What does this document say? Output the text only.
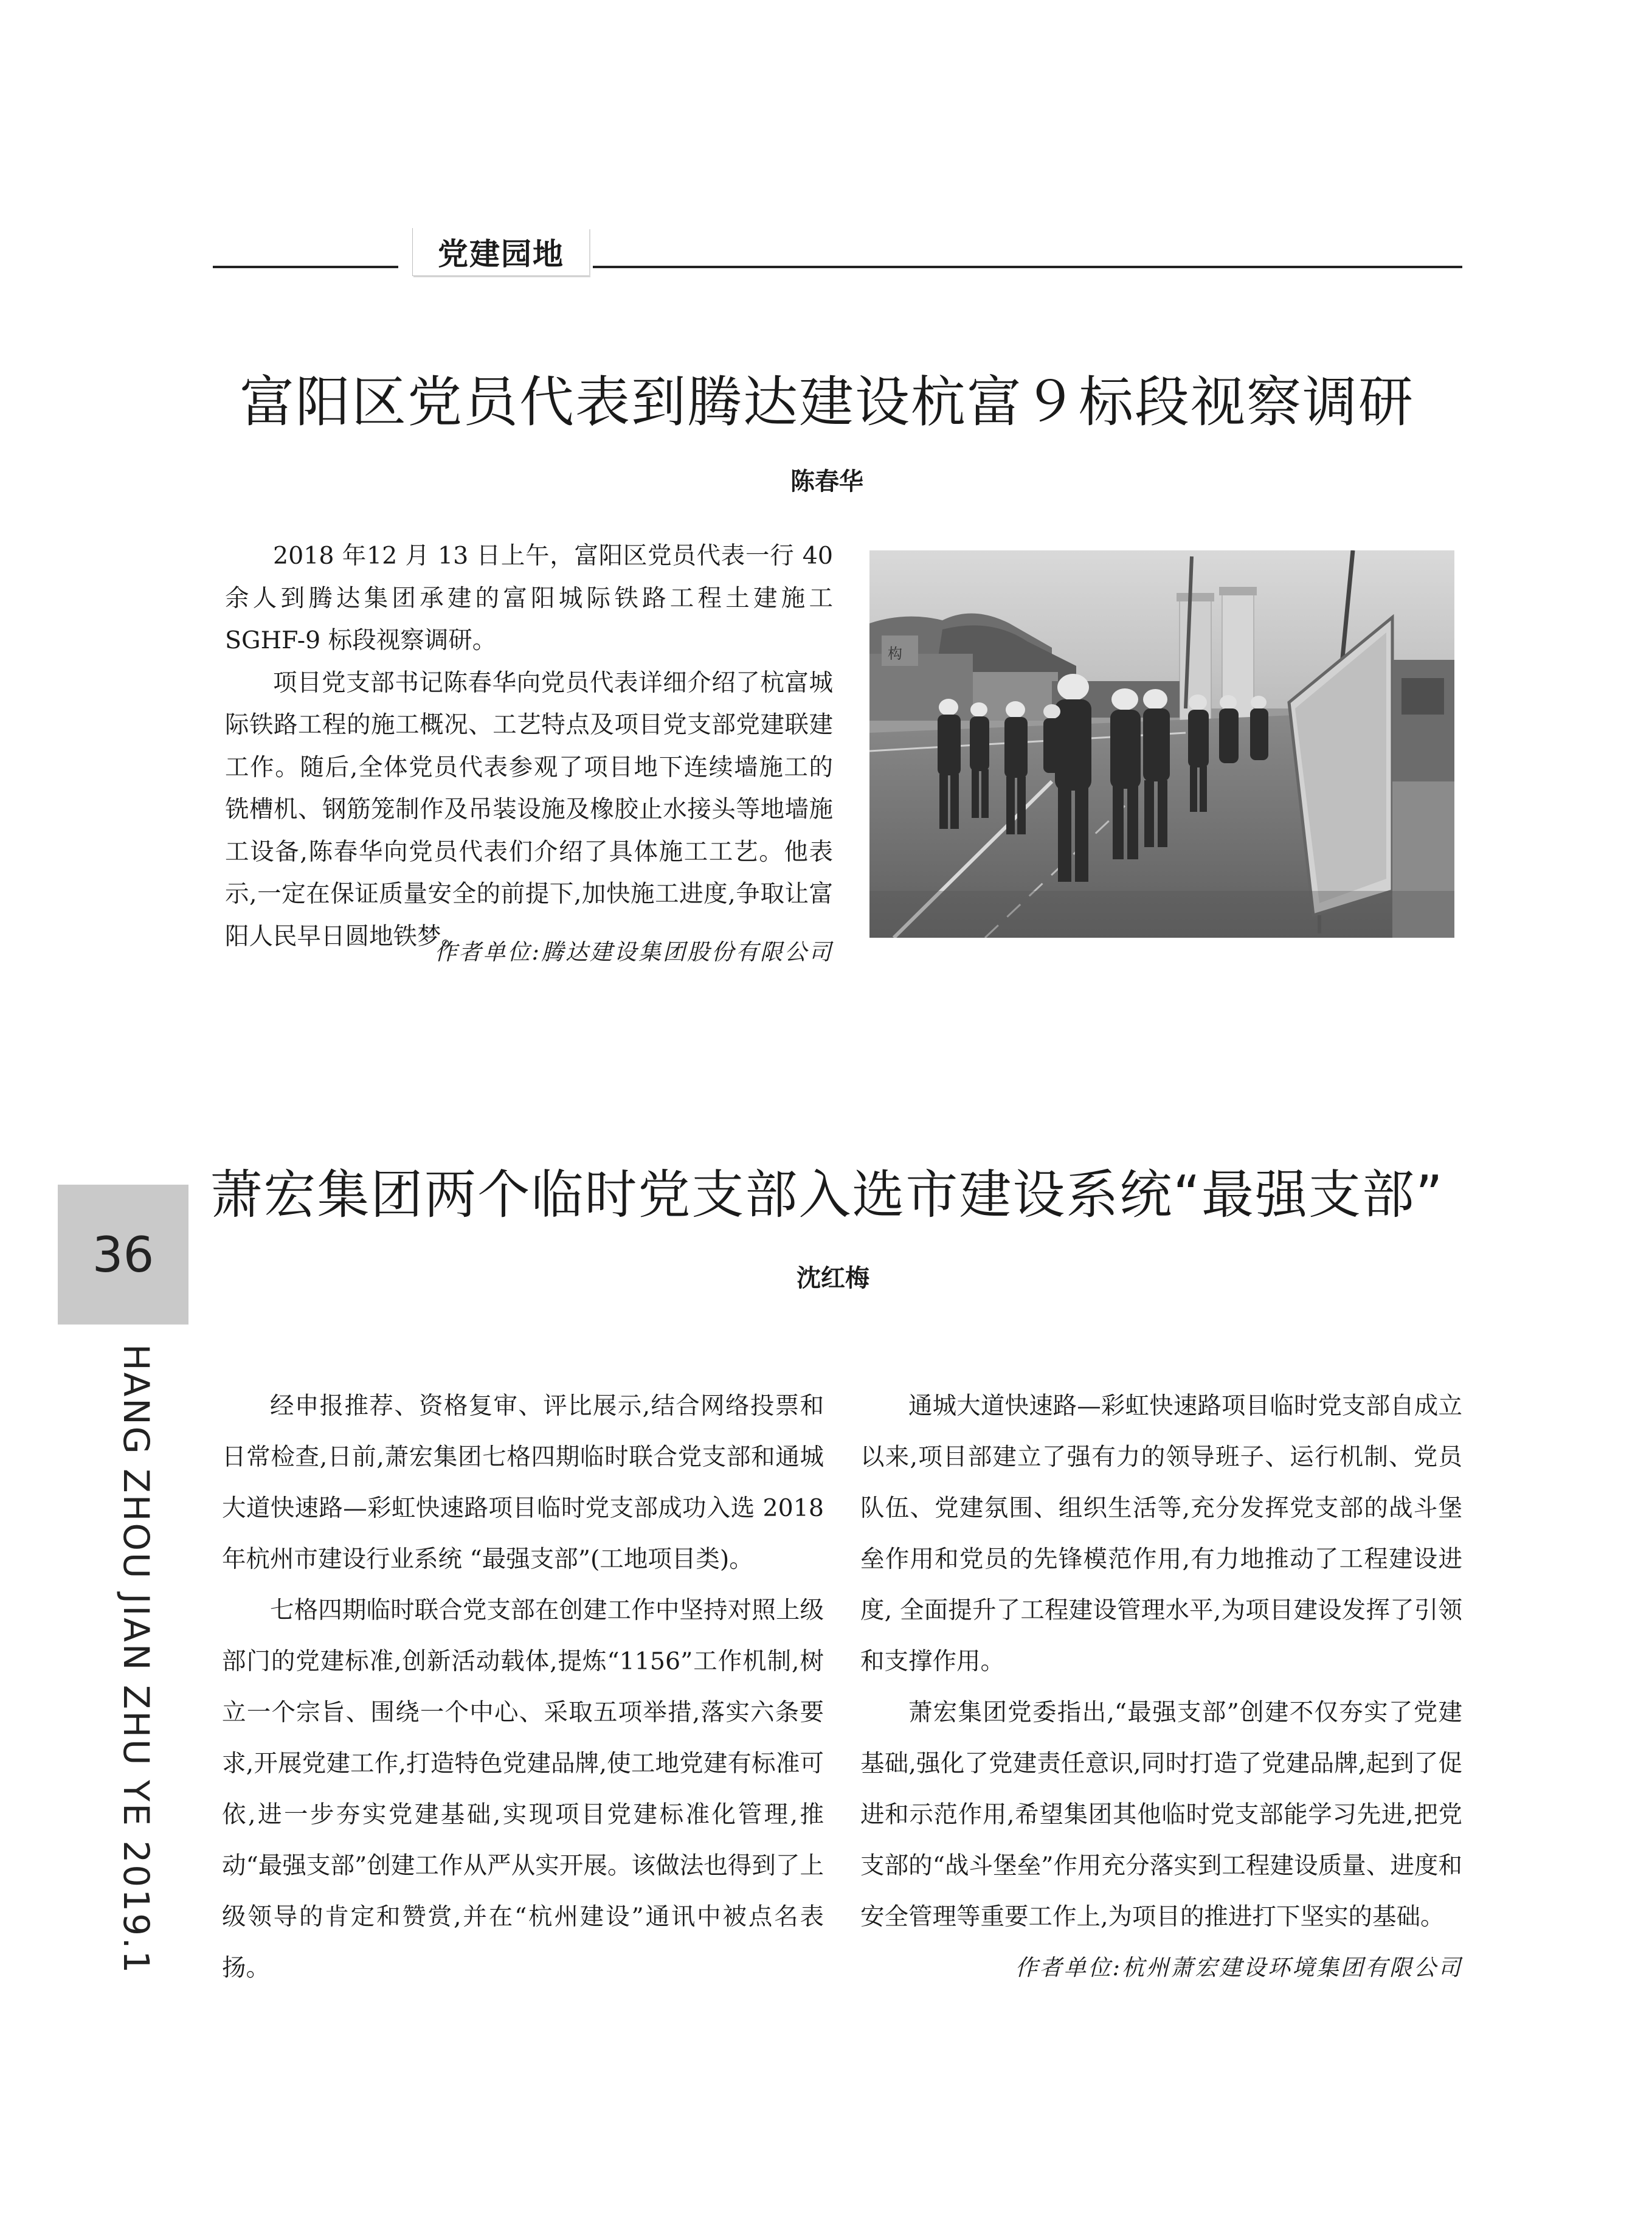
党建园地
富阳区党员代表到腾达建设杭富９标段视察调研
陈春华

2018 年12 月 13 日上午，富阳区党员代表一行 40余人到腾达集团承建的富阳城际铁路工程土建施工SGHF-9 标段视察调研。

项目党支部书记陈春华向党员代表详细介绍了杭富城际铁路工程的施工概况、工艺特点及项目党支部党建联建工作。随后,全体党员代表参观了项目地下连续墙施工的铣槽机、钢筋笼制作及吊装设施及橡胶止水接头等地墙施工设备,陈春华向党员代表们介绍了具体施工工艺。他表示,一定在保证质量安全的前提下,加快施工进度,争取让富阳人民早日圆地铁梦。

作者单位:腾达建设集团股份有限公司
构
萧宏集团两个临时党支部入选市建设系统“最强支部”
沈红梅

经申报推荐、资格复审、评比展示,结合网络投票和日常检查,日前,萧宏集团七格四期临时联合党支部和通城大道快速路—彩虹快速路项目临时党支部成功入选 2018 年杭州市建设行业系统 “最强支部”(工地项目类)。

七格四期临时联合党支部在创建工作中坚持对照上级部门的党建标准,创新活动载体,提炼“1156”工作机制,树立一个宗旨、围绕一个中心、采取五项举措,落实六条要求,开展党建工作,打造特色党建品牌,使工地党建有标准可依,进一步夯实党建基础,实现项目党建标准化管理,推动“最强支部”创建工作从严从实开展。该做法也得到了上级领导的肯定和赞赏,并在“杭州建设”通讯中被点名表扬。

通城大道快速路—彩虹快速路项目临时党支部自成立以来,项目部建立了强有力的领导班子、运行机制、党员队伍、党建氛围、组织生活等,充分发挥党支部的战斗堡垒作用和党员的先锋模范作用,有力地推动了工程建设进度, 全面提升了工程建设管理水平,为项目建设发挥了引领和支撑作用。

萧宏集团党委指出,“最强支部”创建不仅夯实了党建基础,强化了党建责任意识,同时打造了党建品牌,起到了促进和示范作用,希望集团其他临时党支部能学习先进,把党支部的“战斗堡垒”作用充分落实到工程建设质量、进度和安全管理等重要工作上,为项目的推进打下坚实的基础。

作者单位:杭州萧宏建设环境集团有限公司

36
HANG ZHOU JIAN ZHU YE 2019.1
